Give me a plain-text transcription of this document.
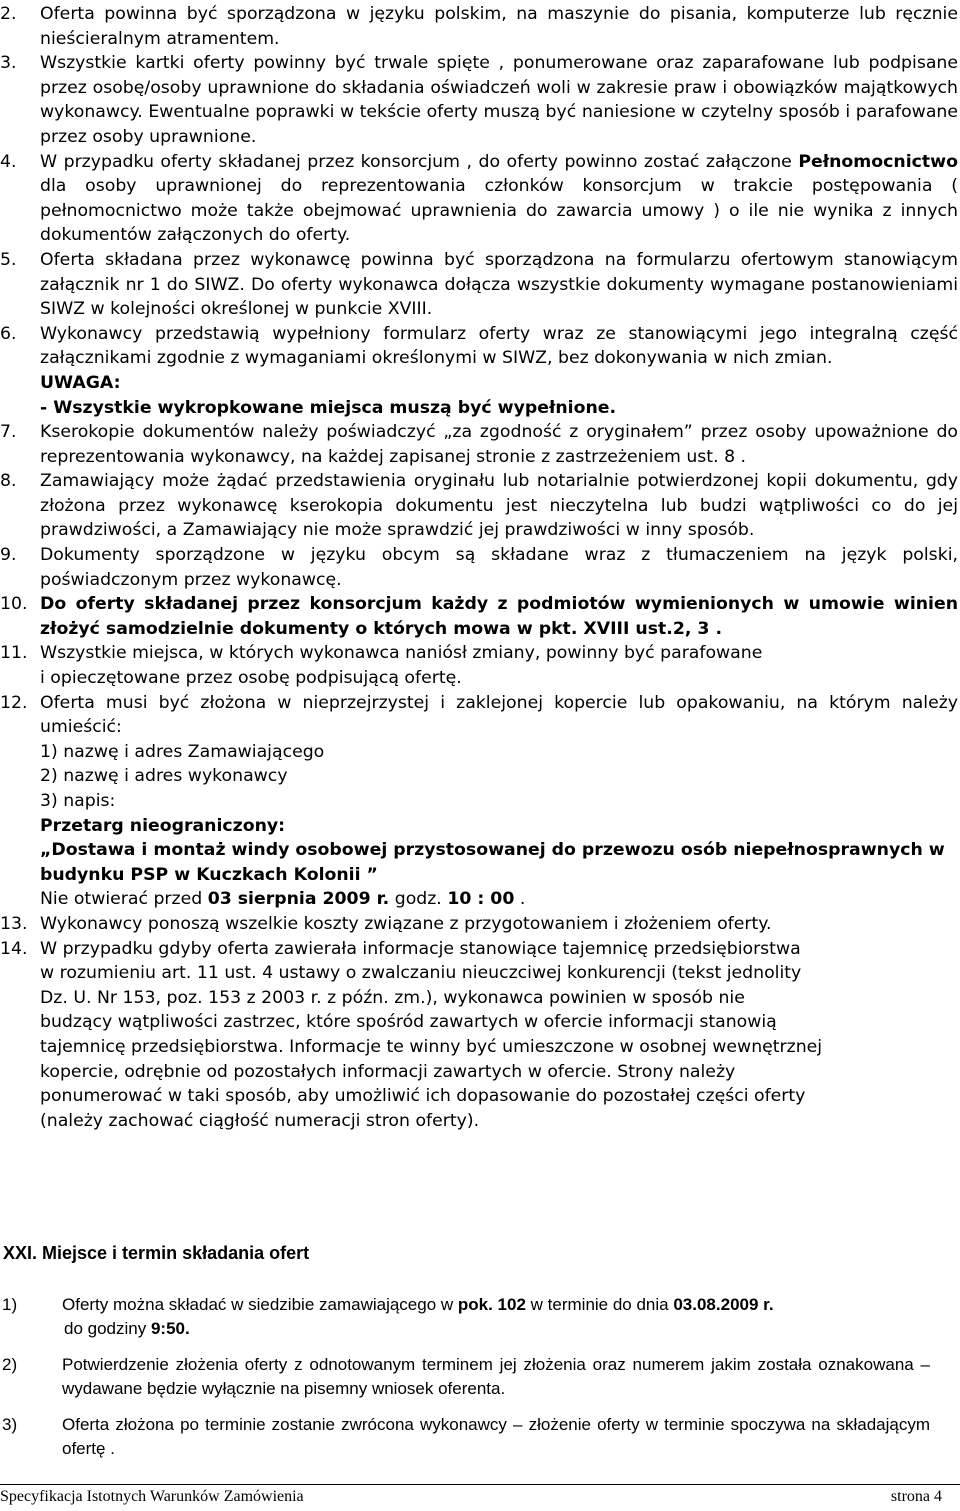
2.	Oferta powinna być sporządzona w języku polskim, na maszynie do pisania, komputerze lub ręcznie nieścieralnym atramentem.
3.	Wszystkie kartki oferty powinny być trwale spięte , ponumerowane oraz zaparafowane lub podpisane przez osobę/osoby uprawnione do składania oświadczeń woli w zakresie praw i obowiązków majątkowych wykonawcy. Ewentualne poprawki w tekście oferty muszą być naniesione w czytelny sposób i parafowane przez osoby uprawnione.
4.	W przypadku oferty składanej przez konsorcjum , do oferty powinno zostać załączone Pełnomocnictwo dla osoby uprawnionej do reprezentowania członków konsorcjum w trakcie postępowania ( pełnomocnictwo może także obejmować uprawnienia do zawarcia umowy ) o ile nie wynika z innych dokumentów załączonych do oferty.
5.	Oferta składana przez wykonawcę powinna być sporządzona na formularzu ofertowym stanowiącym załącznik nr 1 do SIWZ. Do oferty wykonawca dołącza wszystkie dokumenty wymagane postanowieniami SIWZ w kolejności określonej w punkcie XVIII.
6.	Wykonawcy przedstawią wypełniony formularz oferty wraz ze stanowiącymi jego integralną część załącznikami zgodnie z wymaganiami określonymi w SIWZ, bez dokonywania w nich zmian.

UWAGA:

- Wszystkie wykropkowane miejsca muszą być wypełnione.

7.	Kserokopie dokumentów należy poświadczyć „za zgodność z oryginałem” przez osoby upoważnione do reprezentowania wykonawcy, na każdej zapisanej stronie z zastrzeżeniem ust. 8 .
8.	Zamawiający może żądać przedstawienia oryginału lub notarialnie potwierdzonej kopii dokumentu, gdy złożona przez wykonawcę kserokopia dokumentu jest nieczytelna lub budzi wątpliwości co do jej prawdziwości, a Zamawiający nie może sprawdzić jej prawdziwości w inny sposób.
9.	Dokumenty sporządzone w języku obcym są składane wraz z tłumaczeniem na język polski, poświadczonym przez wykonawcę.
10. Do oferty składanej przez konsorcjum każdy z podmiotów wymienionych w umowie winien złożyć samodzielnie dokumenty o których mowa w pkt. XVIII ust.2, 3 .
11. Wszystkie miejsca, w których wykonawca naniósł zmiany, powinny być parafowane

i opieczętowane przez osobę podpisującą ofertę.

12. Oferta musi być złożona w nieprzejrzystej i zaklejonej kopercie lub opakowaniu, na którym należy umieścić:

1) nazwę i adres Zamawiającego

2) nazwę i adres wykonawcy

3) napis:

Przetarg nieograniczony:

„Dostawa i montaż windy osobowej przystosowanej do przewozu osób niepełnosprawnych w budynku PSP w Kuczkach Kolonii ”

Nie otwierać przed 03 sierpnia 2009 r. godz. 10 : 00 .

13. Wykonawcy ponoszą wszelkie koszty związane z przygotowaniem i złożeniem oferty.
14. W przypadku gdyby oferta zawierała informacje stanowiące tajemnicę przedsiębiorstwa

w rozumieniu art. 11 ust. 4 ustawy o zwalczaniu nieuczciwej konkurencji (tekst jednolity

Dz. U. Nr 153, poz. 153 z 2003 r. z późn. zm.), wykonawca powinien w sposób nie

budzący wątpliwości zastrzec, które spośród zawartych w ofercie informacji stanowią

tajemnicę przedsiębiorstwa. Informacje te winny być umieszczone w osobnej wewnętrznej

kopercie, odrębnie od pozostałych informacji zawartych w ofercie. Strony należy

ponumerować w taki sposób, aby umożliwić ich dopasowanie do pozostałej części oferty

(należy zachować ciągłość numeracji stron oferty).

XXI. Miejsce i termin składania ofert
1)	Oferty można składać w siedzibie zamawiającego w pok. 102 w terminie do dnia 03.08.2009 r.
do godziny 9:50.
2)	Potwierdzenie złożenia oferty z odnotowanym terminem jej złożenia oraz numerem jakim została oznakowana – wydawane będzie wyłącznie na pisemny wniosek oferenta.
3)	Oferta złożona po terminie zostanie zwrócona wykonawcy – złożenie oferty w terminie spoczywa na składającym ofertę .
Specyfikacja Istotnych Warunków Zamówienia	strona 4
